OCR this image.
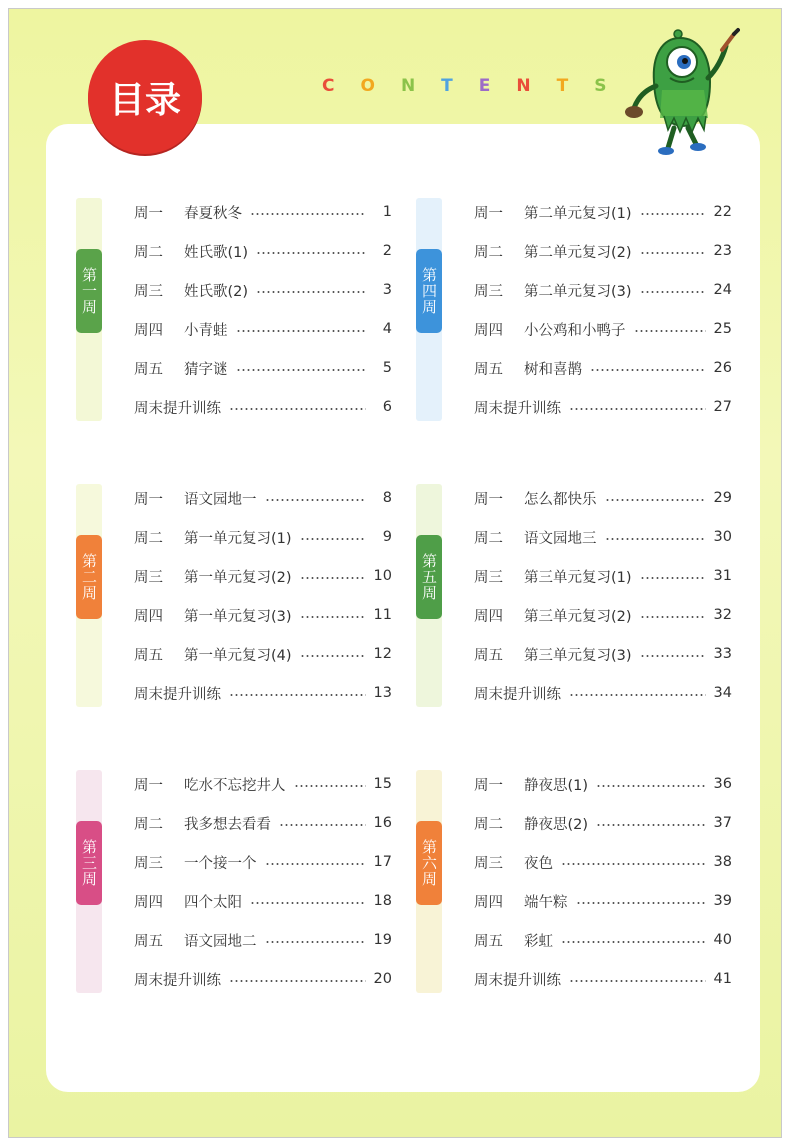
目录	C O N T E N T S
第一周
周一	春夏秋冬	1
周二	姓氏歌(1)	2
周三	姓氏歌(2)	3
周四	小青蛙	4
周五	猜字谜	5
周末提升训练	6
第二周
周一	语文园地一	8
周二	第一单元复习(1)	9
周三	第一单元复习(2)	10
周四	第一单元复习(3)	11
周五	第一单元复习(4)	12
周末提升训练	13
第三周
周一	吃水不忘挖井人	15
周二	我多想去看看	16
周三	一个接一个	17
周四	四个太阳	18
周五	语文园地二	19
周末提升训练	20
第四周
周一	第二单元复习(1)	22
周二	第二单元复习(2)	23
周三	第二单元复习(3)	24
周四	小公鸡和小鸭子	25
周五	树和喜鹊	26
周末提升训练	27
第五周
周一	怎么都快乐	29
周二	语文园地三	30
周三	第三单元复习(1)	31
周四	第三单元复习(2)	32
周五	第三单元复习(3)	33
周末提升训练	34
第六周
周一	静夜思(1)	36
周二	静夜思(2)	37
周三	夜色	38
周四	端午粽	39
周五	彩虹	40
周末提升训练	41
